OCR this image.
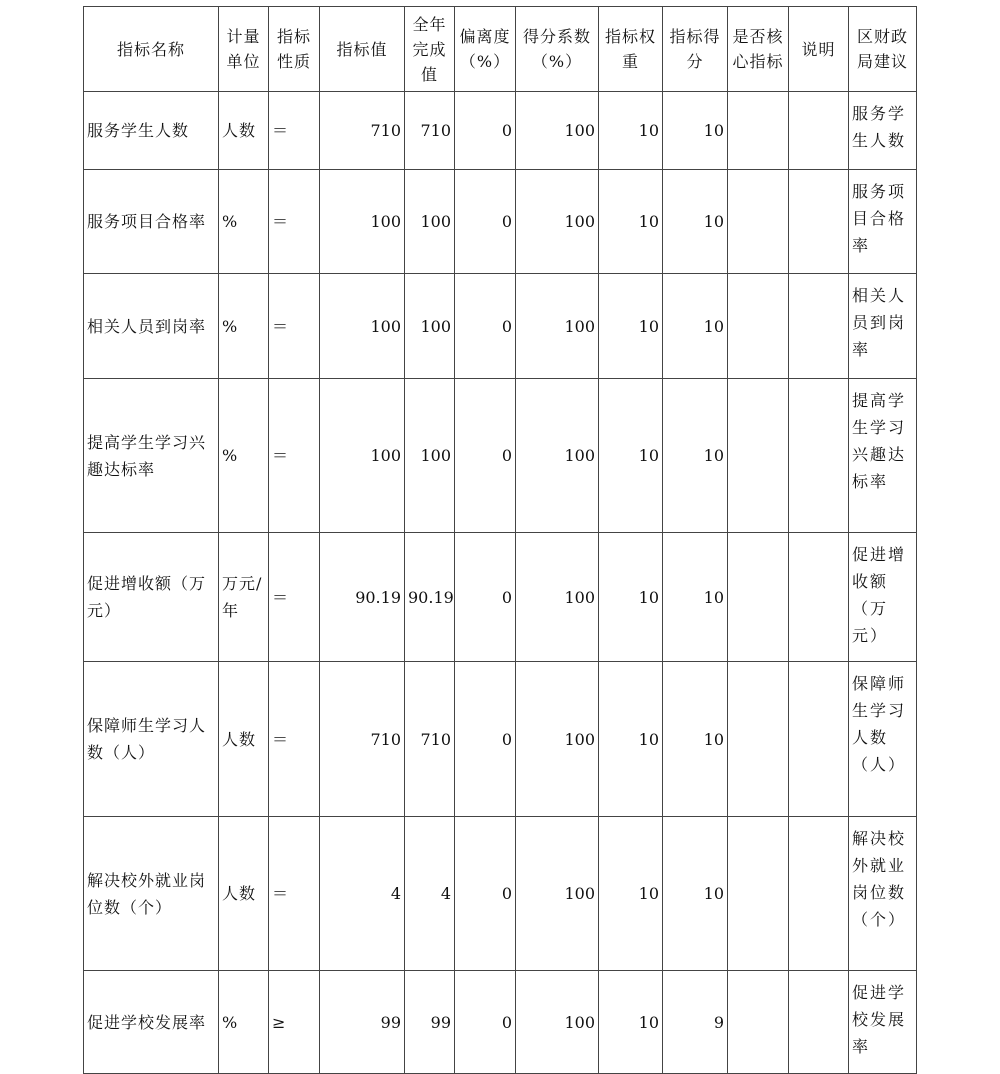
指标名称	计量单位	指标性质	指标值	全年完成值	偏离度（%）	得分系数（%）	指标权重	指标得分	是否核心指标	说明	区财政局建议
服务学生人数	人数	＝	710	710	0	100	10	10			服务学生人数
服务项目合格率	%	＝	100	100	0	100	10	10			服务项目合格率
相关人员到岗率	%	＝	100	100	0	100	10	10			相关人员到岗率
提高学生学习兴趣达标率	%	＝	100	100	0	100	10	10			提高学生学习兴趣达标率
促进增收额（万元）	万元/年	＝	90.19	90.19	0	100	10	10			促进增收额（万元）
保障师生学习人数（人）	人数	＝	710	710	0	100	10	10			保障师生学习人数（人）
解决校外就业岗位数（个）	人数	＝	4	4	0	100	10	10			解决校外就业岗位数（个）
促进学校发展率	%	≥	99	99	0	100	10	9			促进学校发展率
